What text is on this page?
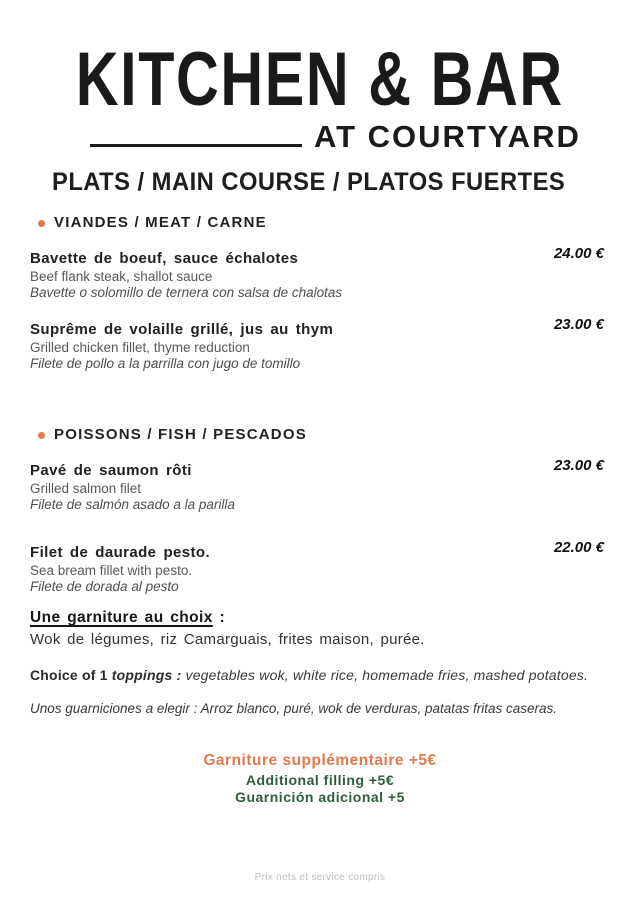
KITCHEN & BAR
AT COURTYARD
PLATS / MAIN COURSE / PLATOS FUERTES
VIANDES / MEAT / CARNE
Bavette de boeuf, sauce échalotes
Beef flank steak, shallot sauce
Bavette o solomillo de ternera con salsa de chalotas
24.00 €
Suprême de volaille grillé, jus au thym
Grilled chicken fillet, thyme reduction
Filete de pollo a la parrilla con jugo de tomillo
23.00 €
POISSONS / FISH / PESCADOS
Pavé de saumon rôti
Grilled salmon filet
Filete de salmón asado a la parilla
23.00 €
Filet de daurade pesto.
Sea bream fillet with pesto.
Filete de dorada al pesto
22.00 €
Une garniture au choix :
Wok de légumes, riz Camarguais, frites maison, purée.
Choice of 1 toppings : vegetables wok, white rice, homemade fries, mashed potatoes.
Unos guarniciones a elegir : Arroz blanco, puré, wok de verduras, patatas fritas caseras.
Garniture supplémentaire +5€
Additional filling +5€
Guarnición adicional +5
Prix nets et service compris
